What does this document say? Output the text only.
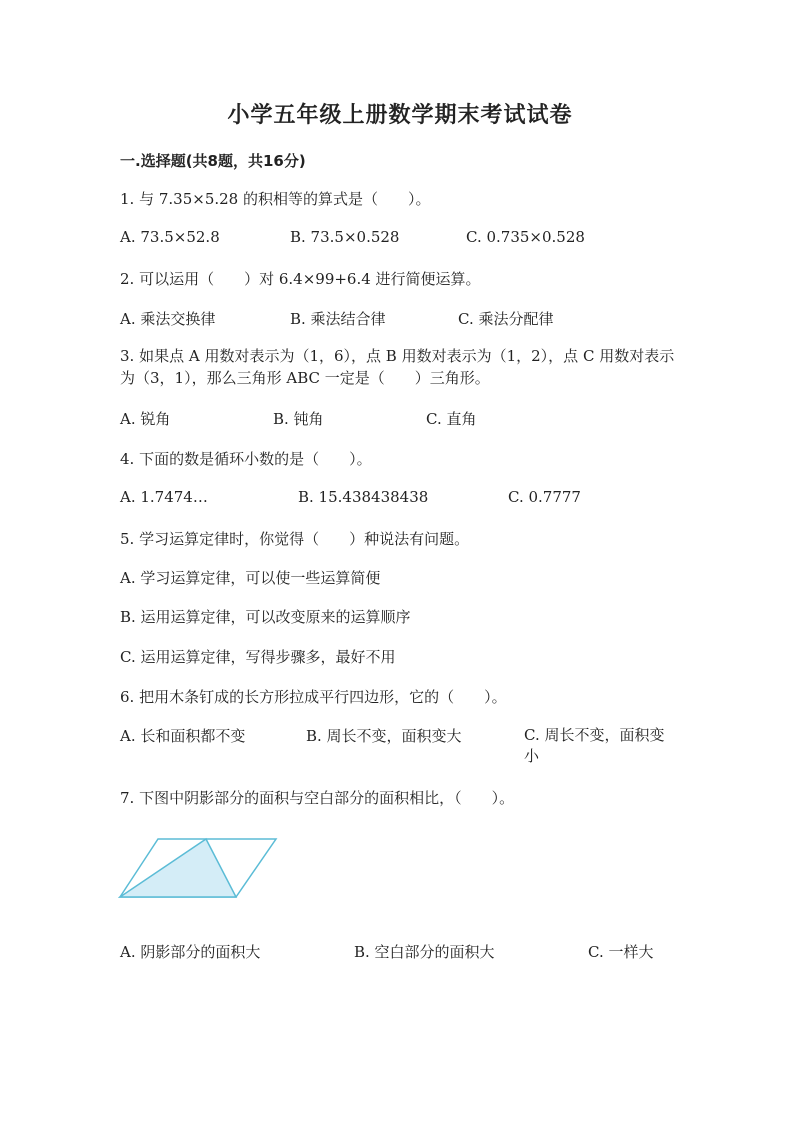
小学五年级上册数学期末考试试卷
一.选择题(共8题，共16分)
1. 与 7.35×5.28 的积相等的算式是（　　）。
A. 73.5×52.8	B. 73.5×0.528	C. 0.735×0.528
2. 可以运用（　　）对 6.4×99+6.4 进行简便运算。
A. 乘法交换律	B. 乘法结合律	C. 乘法分配律
3. 如果点 A 用数对表示为（1，6），点 B 用数对表示为（1，2），点 C 用数对表示为（3，1），那么三角形 ABC 一定是（　　）三角形。
A. 锐角	B. 钝角	C. 直角
4. 下面的数是循环小数的是（　　）。
A. 1.7474…	B. 15.438438438	C. 0.7777
5. 学习运算定律时，你觉得（　　）种说法有问题。
A. 学习运算定律，可以使一些运算简便
B. 运用运算定律，可以改变原来的运算顺序
C. 运用运算定律，写得步骤多，最好不用
6. 把用木条钉成的长方形拉成平行四边形，它的（　　）。
A. 长和面积都不变	B. 周长不变，面积变大	C. 周长不变，面积变小
7. 下图中阴影部分的面积与空白部分的面积相比，（　　）。
A. 阴影部分的面积大	B. 空白部分的面积大	C. 一样大
